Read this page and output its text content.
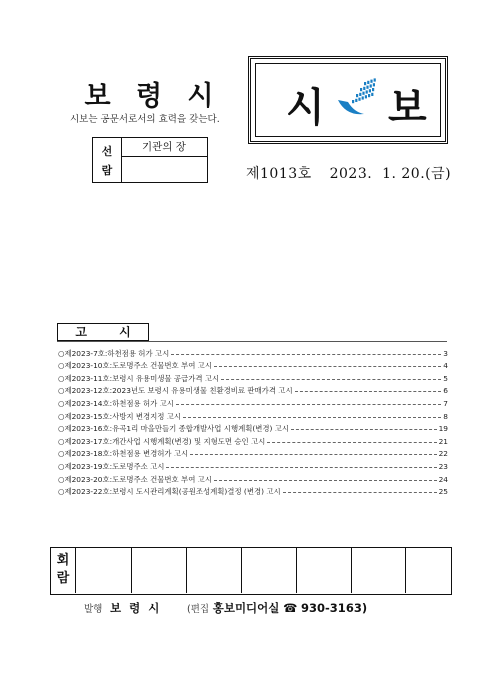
보 령 시
시보는 공문서로서의 효력을 갖는다. 시 보
선
람
기관의 장
제1013호 2023.  1. 20.(금)
고 시
○제2023-7호:하천점용 허가 고시	3
○제2023-10호:도로명주소 건물번호 부여 고시	4
○제2023-11호:보령시 유용미생물 공급가격 고시	5
○제2023-12호:2023년도 보령시 유용미생물 친환경비료 판매가격 고시	6
○제2023-14호:하천점용 허가 고시	7
○제2023-15호:사방지 변경지정 고시	8
○제2023-16호:유곡1리 마을만들기 종합개발사업 시행계획(변경) 고시	19
○제2023-17호:개간사업 시행계획(변경) 및 지형도면 승인 고시	21
○제2023-18호:하천점용 변경허가 고시	22
○제2023-19호:도로명주소 고시	23
○제2023-20호:도로명주소 건물번호 부여 고시	24
○제2023-22호:보령시 도시관리계획(공원조성계획)결정 (변경) 고시	25
회
람
발행 보 령 시	(편집 홍보미디어실 ☎ 930-3163)
